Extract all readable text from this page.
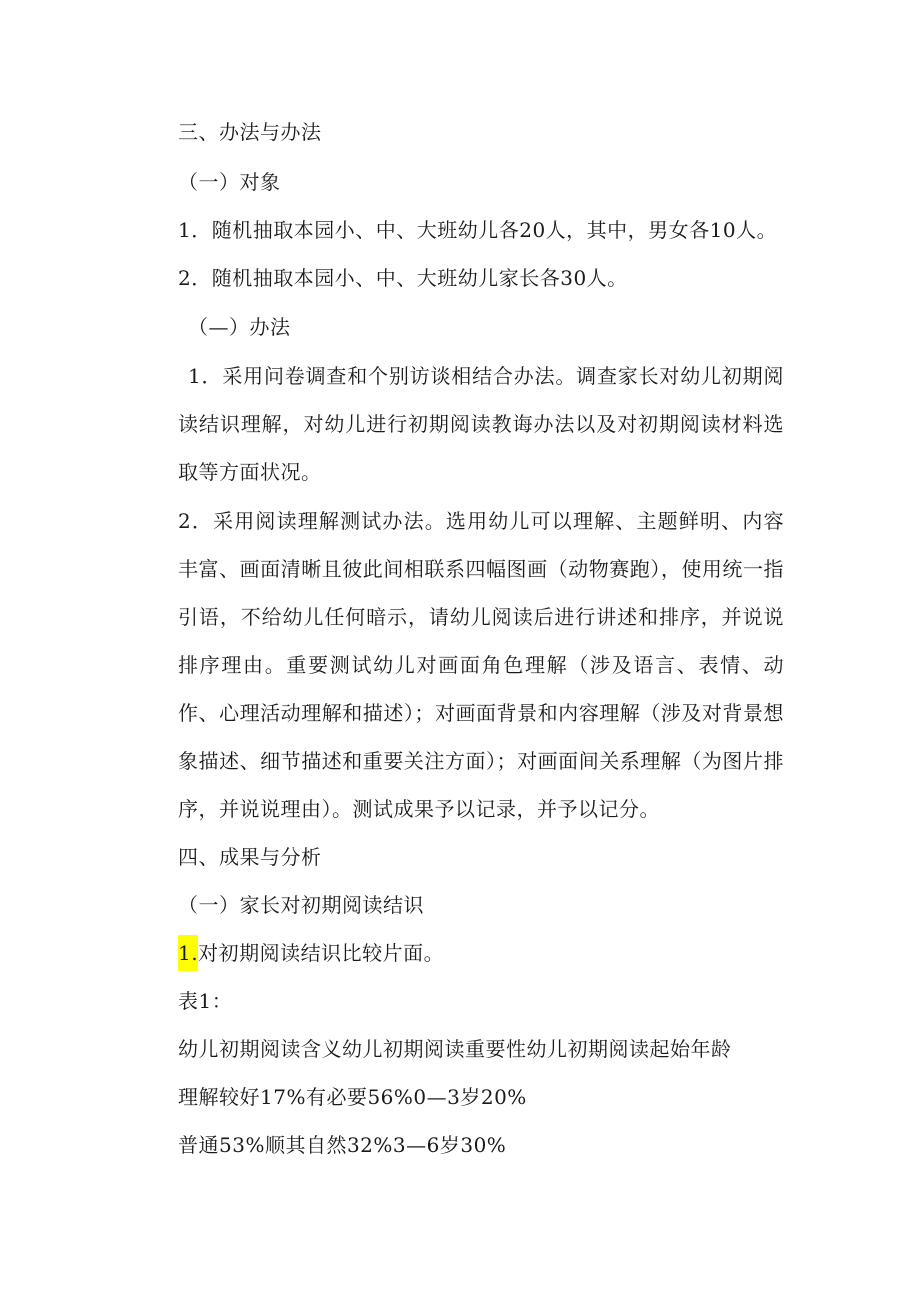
三、办法与办法
（一）对象
1．随机抽取本园小、中、大班幼儿各20人，其中，男女各10人。
2．随机抽取本园小、中、大班幼儿家长各30人。
（—）办法
1．采用问卷调查和个别访谈相结合办法。调查家长对幼儿初期阅读结识理解，对幼儿进行初期阅读教诲办法以及对初期阅读材料选取等方面状况。
2．采用阅读理解测试办法。选用幼儿可以理解、主题鲜明、内容丰富、画面清晰且彼此间相联系四幅图画（动物赛跑），使用统一指引语，不给幼儿任何暗示，请幼儿阅读后进行讲述和排序，并说说排序理由。重要测试幼儿对画面角色理解（涉及语言、表情、动作、心理活动理解和描述）；对画面背景和内容理解（涉及对背景想象描述、细节描述和重要关注方面）；对画面间关系理解（为图片排序，并说说理由）。测试成果予以记录，并予以记分。
四、成果与分析
（一）家长对初期阅读结识
1.对初期阅读结识比较片面。
表1：
幼儿初期阅读含义幼儿初期阅读重要性幼儿初期阅读起始年龄
理解较好17%有必要56%0—3岁20%
普通53%顺其自然32%3—6岁30%
